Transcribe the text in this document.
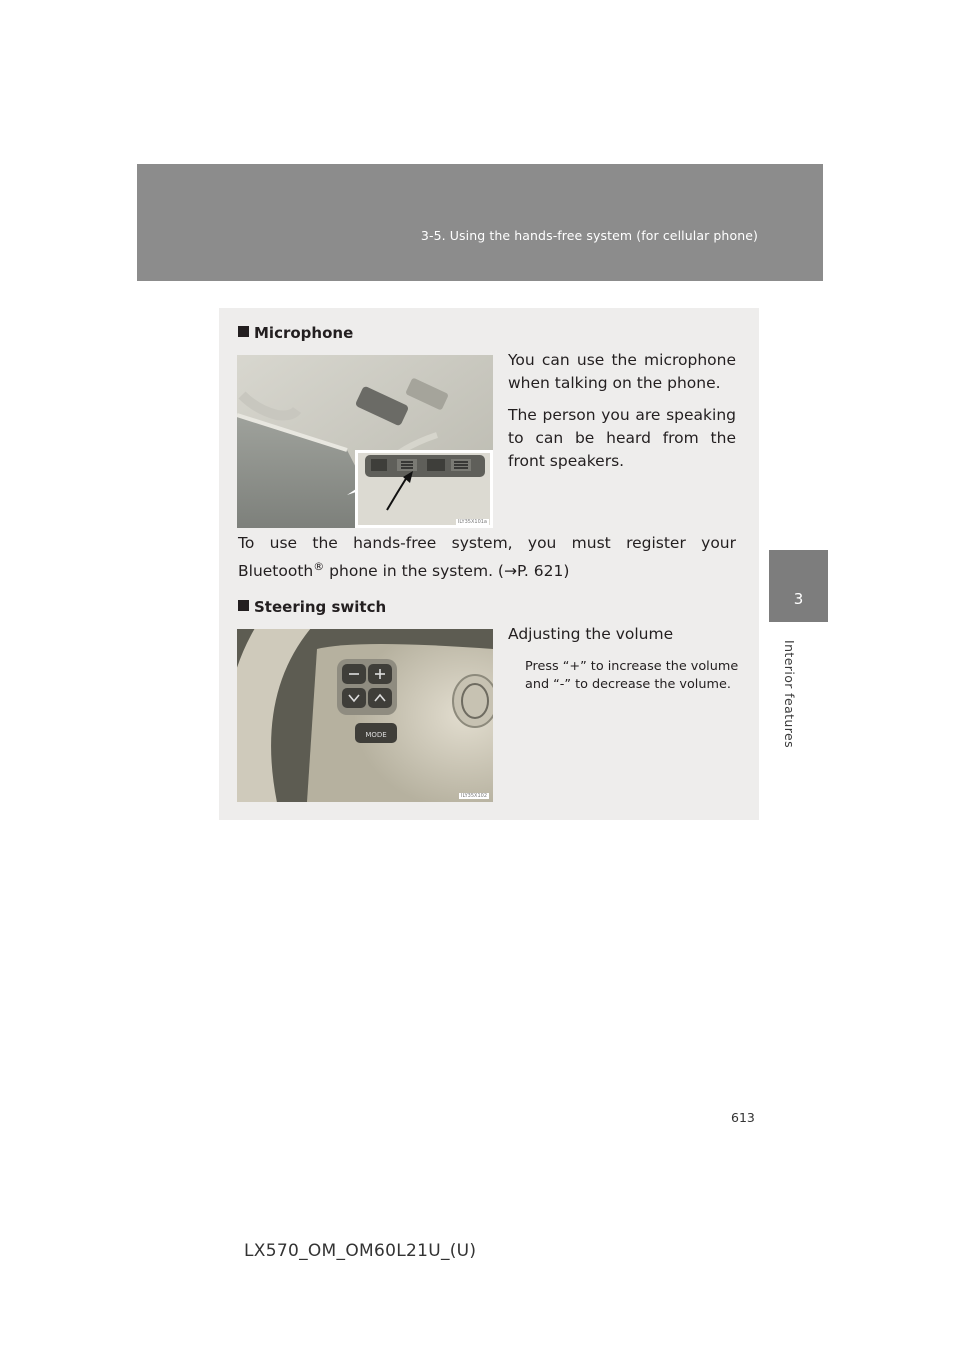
3-5. Using the hands-free system (for cellular phone)
3
Interior features
Microphone
ILY35X101a
You can use the microphone when talking on the phone.
The person you are speaking to can be heard from the front speakers.
To use the hands-free system, you must register your Bluetooth® phone in the system. (→P. 621)
Steering switch
MODE
ILY35X102
Adjusting the volume
Press “+” to increase the volume and “-” to decrease the volume.
613
LX570_OM_OM60L21U_(U)
